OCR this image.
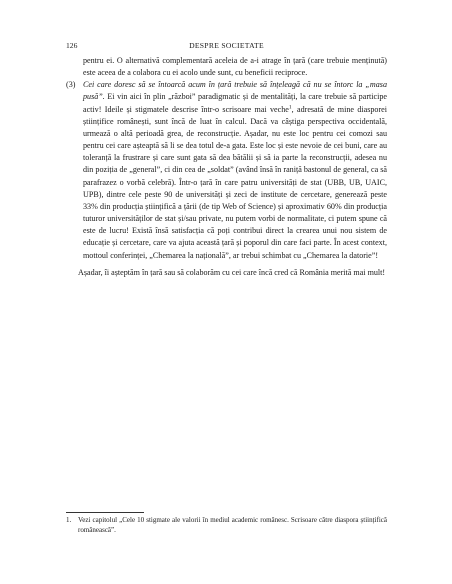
126	DESPRE SOCIETATE

pentru ei. O alternativă complementară aceleia de a-i atrage în țară (care trebuie menținută) este aceea de a colabora cu ei acolo unde sunt, cu beneficii reciproce.

(3) Cei care doresc să se întoarcă acum în țară trebuie să înțeleagă că nu se întorc la „masa pusă”. Ei vin aici în plin „război” paradigmatic și de mentalități, la care trebuie să participe activ! Ideile și stigmatele descrise într-o scrisoare mai veche$^1$, adresată de mine diasporei științifice românești, sunt încă de luat în calcul. Dacă va câștiga perspectiva occidentală, urmează o altă perioadă grea, de reconstrucție. Așadar, nu este loc pentru cei comozi sau pentru cei care așteaptă să li se dea totul de-a gata. Este loc și este nevoie de cei buni, care au toleranță la frustrare și care sunt gata să dea bătălii și să ia parte la reconstrucții, adesea nu din poziția de „general”, ci din cea de „soldat” (având însă în raniță bastonul de general, ca să parafrazez o vorbă celebră). Într-o țară în care patru universități de stat (UBB, UB, UAIC, UPB), dintre cele peste 90 de universități și zeci de institute de cercetare, generează peste 33% din producția științifică a țării (de tip Web of Science) și aproximativ 60% din producția tuturor universităților de stat și/sau private, nu putem vorbi de normalitate, ci putem spune că este de lucru! Există însă satisfacția că poți contribui direct la crearea unui nou sistem de educație și cercetare, care va ajuta această țară și poporul din care faci parte. În acest context, mottoul conferinței, „Chemarea la națională”, ar trebui schimbat cu „Chemarea la datorie”!

Așadar, îi așteptăm în țară sau să colaborăm cu cei care încă cred că România merită mai mult!

1. Vezi capitolul „Cele 10 stigmate ale valorii în mediul academic românesc. Scrisoare către diaspora științifică românească”.
